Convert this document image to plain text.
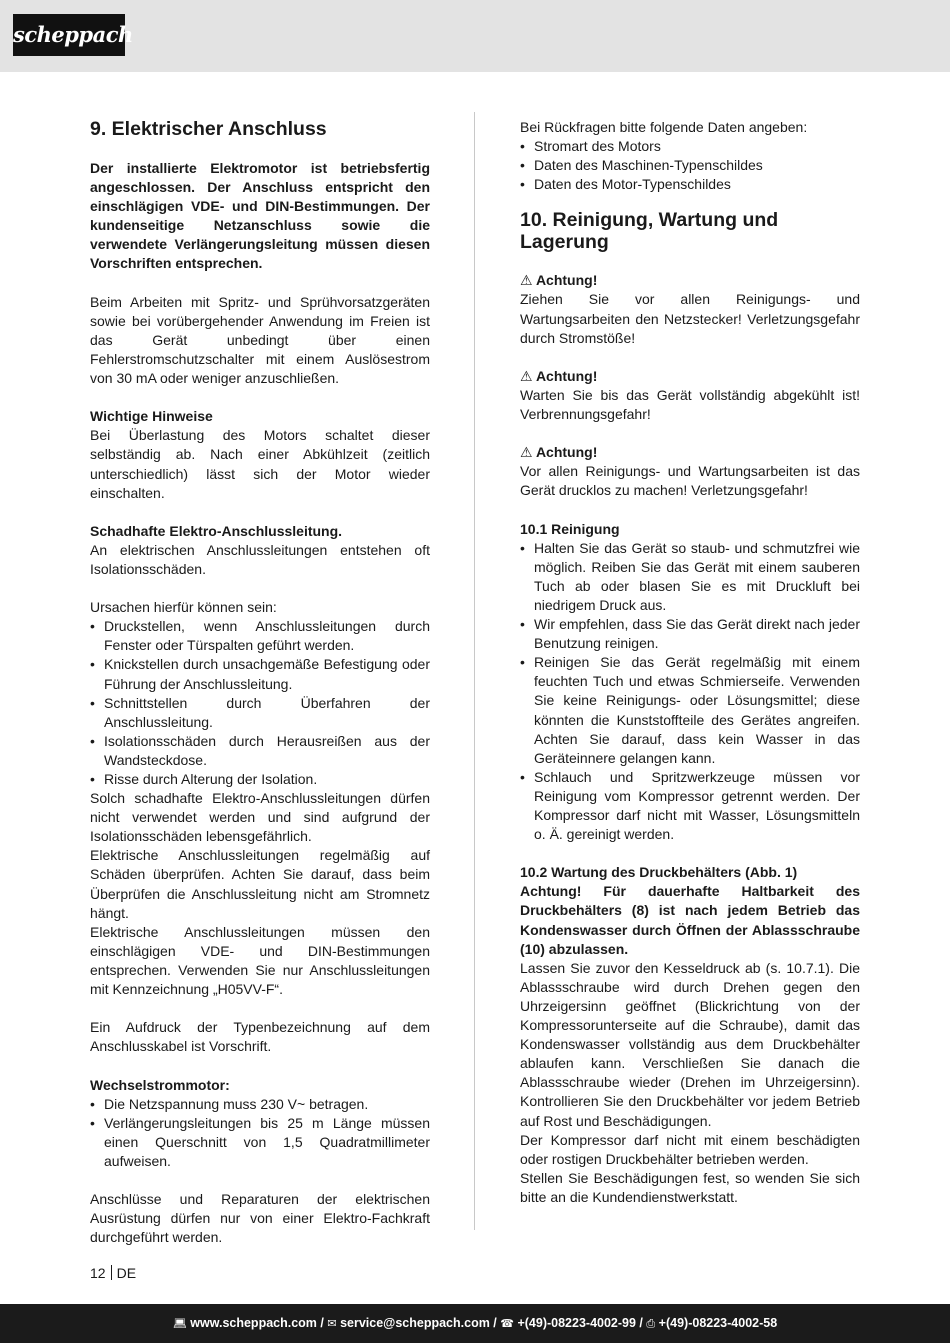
scheppach
9. Elektrischer Anschluss

Der installierte Elektromotor ist betriebsfertig angeschlossen. Der Anschluss entspricht den einschlägigen VDE- und DIN-Bestimmungen. Der kundenseitige Netzanschluss sowie die verwendete Verlängerungsleitung müssen diesen Vorschriften entsprechen.

Beim Arbeiten mit Spritz- und Sprühvorsatzgeräten sowie bei vorübergehender Anwendung im Freien ist das Gerät unbedingt über einen Fehlerstromschutzschalter mit einem Auslösestrom von 30 mA oder weniger anzuschließen.

Wichtige Hinweise

Bei Überlastung des Motors schaltet dieser selbständig ab. Nach einer Abkühlzeit (zeitlich unterschiedlich) lässt sich der Motor wieder einschalten.

Schadhafte Elektro-Anschlussleitung.

An elektrischen Anschlussleitungen entstehen oft Isolationsschäden.

Ursachen hierfür können sein:

• Druckstellen, wenn Anschlussleitungen durch Fenster oder Türspalten geführt werden.
• Knickstellen durch unsachgemäße Befestigung oder Führung der Anschlussleitung.
• Schnittstellen durch Überfahren der Anschlussleitung.
• Isolationsschäden durch Herausreißen aus der Wandsteckdose.
• Risse durch Alterung der Isolation.

Solch schadhafte Elektro-Anschlussleitungen dürfen nicht verwendet werden und sind aufgrund der Isolationsschäden lebensgefährlich.

Elektrische Anschlussleitungen regelmäßig auf Schäden überprüfen. Achten Sie darauf, dass beim Überprüfen die Anschlussleitung nicht am Stromnetz hängt.

Elektrische Anschlussleitungen müssen den einschlägigen VDE- und DIN-Bestimmungen entsprechen. Verwenden Sie nur Anschlussleitungen mit Kennzeichnung „H05VV-F“.

Ein Aufdruck der Typenbezeichnung auf dem Anschlusskabel ist Vorschrift.

Wechselstrommotor:

• Die Netzspannung muss 230 V~ betragen.
• Verlängerungsleitungen bis 25 m Länge müssen einen Querschnitt von 1,5 Quadratmillimeter aufweisen.

Anschlüsse und Reparaturen der elektrischen Ausrüstung dürfen nur von einer Elektro-Fachkraft durchgeführt werden.

Bei Rückfragen bitte folgende Daten angeben:

• Stromart des Motors
• Daten des Maschinen-Typenschildes
• Daten des Motor-Typenschildes
10. Reinigung, Wartung und Lagerung

⚠ Achtung!

Ziehen Sie vor allen Reinigungs- und Wartungsarbeiten den Netzstecker! Verletzungsgefahr durch Stromstöße!

⚠ Achtung!

Warten Sie bis das Gerät vollständig abgekühlt ist! Verbrennungsgefahr!

⚠ Achtung!

Vor allen Reinigungs- und Wartungsarbeiten ist das Gerät drucklos zu machen! Verletzungsgefahr!

10.1 Reinigung

• Halten Sie das Gerät so staub- und schmutzfrei wie möglich. Reiben Sie das Gerät mit einem sauberen Tuch ab oder blasen Sie es mit Druckluft bei niedrigem Druck aus.
• Wir empfehlen, dass Sie das Gerät direkt nach jeder Benutzung reinigen.
• Reinigen Sie das Gerät regelmäßig mit einem feuchten Tuch und etwas Schmierseife. Verwenden Sie keine Reinigungs- oder Lösungsmittel; diese könnten die Kunststoffteile des Gerätes angreifen. Achten Sie darauf, dass kein Wasser in das Geräteinnere gelangen kann.
• Schlauch und Spritzwerkzeuge müssen vor Reinigung vom Kompressor getrennt werden. Der Kompressor darf nicht mit Wasser, Lösungsmitteln o. Ä. gereinigt werden.

10.2 Wartung des Druckbehälters (Abb. 1)

Achtung! Für dauerhafte Haltbarkeit des Druckbehälters (8) ist nach jedem Betrieb das Kondenswasser durch Öffnen der Ablassschraube (10) abzulassen.

Lassen Sie zuvor den Kesseldruck ab (s. 10.7.1). Die Ablassschraube wird durch Drehen gegen den Uhrzeigersinn geöffnet (Blickrichtung von der Kompressorunterseite auf die Schraube), damit das Kondenswasser vollständig aus dem Druckbehälter ablaufen kann. Verschließen Sie danach die Ablassschraube wieder (Drehen im Uhrzeigersinn). Kontrollieren Sie den Druckbehälter vor jedem Betrieb auf Rost und Beschädigungen.

Der Kompressor darf nicht mit einem beschädigten oder rostigen Druckbehälter betrieben werden.

Stellen Sie Beschädigungen fest, so wenden Sie sich bitte an die Kundendienstwerkstatt.

12 DE
💻︎ www.scheppach.com / ✉ service@scheppach.com / ☎ +(49)-08223-4002-99 / ⎙ +(49)-08223-4002-58
